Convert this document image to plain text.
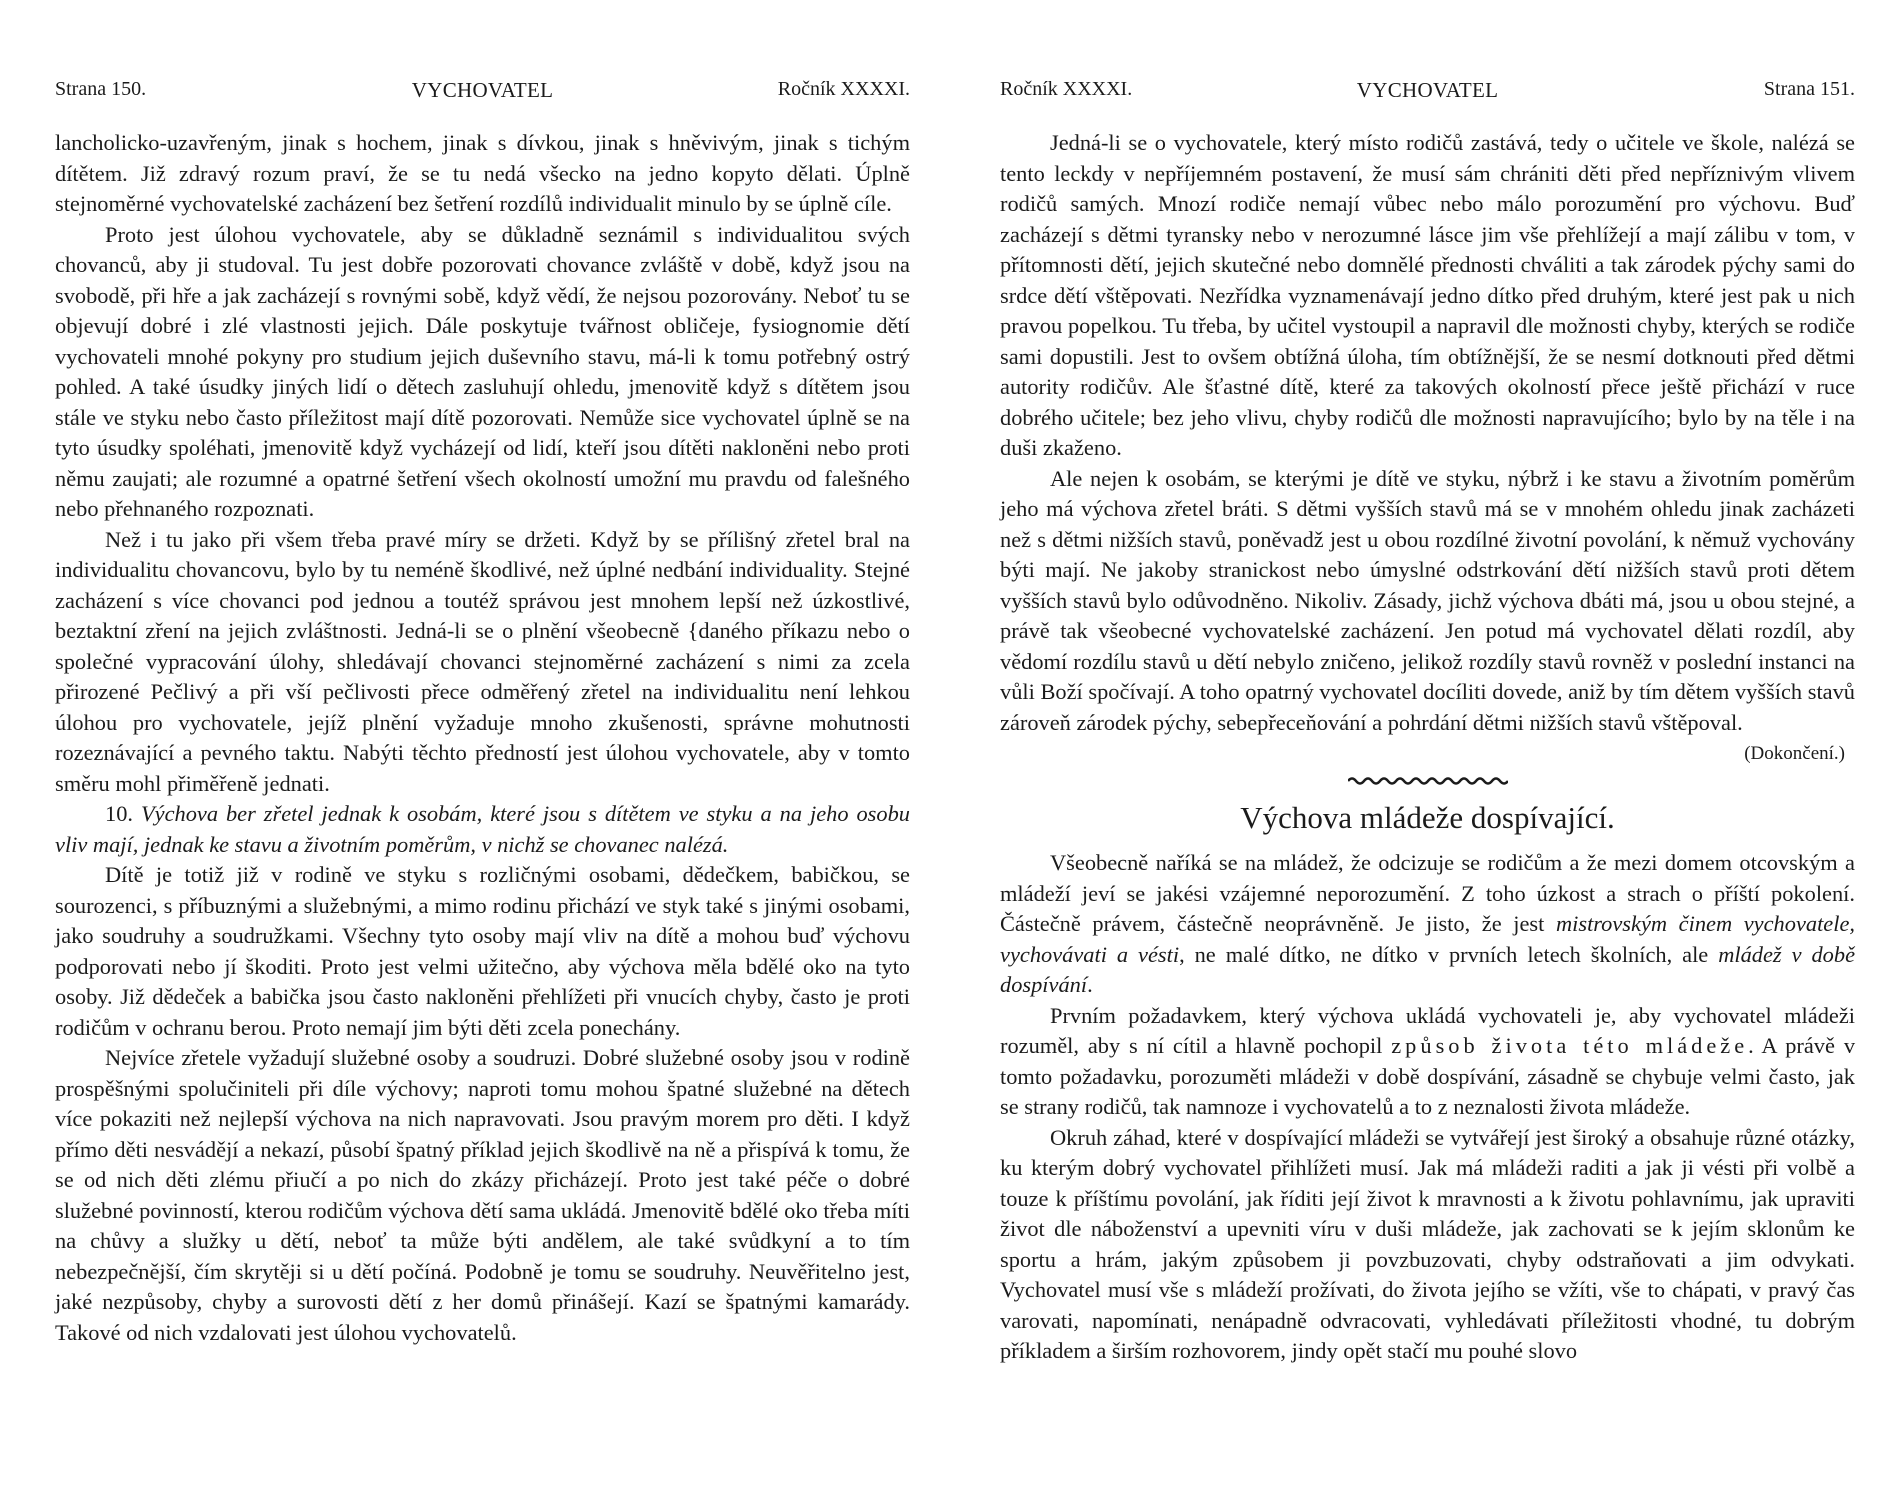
Strana 150.	VYCHOVATEL	Ročník XXXXI.

lancholicko-uzavřeným, jinak s hochem, jinak s dívkou, jinak s hněvivým, jinak s tichým dítětem. Již zdravý rozum praví, že se tu nedá všecko na jedno kopyto dělati. Úplně stejnoměrné vychovatelské zacházení bez šetření rozdílů individualit minulo by se úplně cíle.

Proto jest úlohou vychovatele, aby se důkladně seznámil s individualitou svých chovanců, aby ji studoval. Tu jest dobře pozorovati chovance zvláště v době, když jsou na svobodě, při hře a jak zacházejí s rovnými sobě, když vědí, že nejsou pozorovány. Neboť tu se objevují dobré i zlé vlastnosti jejich. Dále poskytuje tvářnost obličeje, fysiognomie dětí vychovateli mnohé pokyny pro studium jejich duševního stavu, má-li k tomu potřebný ostrý pohled. A také úsudky jiných lidí o dětech zasluhují ohledu, jmenovitě když s dítětem jsou stále ve styku nebo často příležitost mají dítě pozorovati. Nemůže sice vychovatel úplně se na tyto úsudky spoléhati, jmenovitě když vycházejí od lidí, kteří jsou dítěti nakloněni nebo proti němu zaujati; ale rozumné a opatrné šetření všech okolností umožní mu pravdu od falešného nebo přehnaného rozpoznati.

Než i tu jako při všem třeba pravé míry se držeti. Když by se přílišný zřetel bral na individualitu chovancovu, bylo by tu neméně škodlivé, než úplné nedbání individuality. Stejné zacházení s více chovanci pod jednou a toutéž správou jest mnohem lepší než úzkostlivé, beztaktní zření na jejich zvláštnosti. Jedná-li se o plnění všeobecně {daného příkazu nebo o společné vypracování úlohy, shledávají chovanci stejnoměrné zacházení s nimi za zcela přirozené Pečlivý a při vší pečlivosti přece odměřený zřetel na individualitu není lehkou úlohou pro vychovatele, jejíž plnění vyžaduje mnoho zkušenosti, správne mohutnosti rozeznávající a pevného taktu. Nabýti těchto předností jest úlohou vychovatele, aby v tomto směru mohl přiměřeně jednati.

10. Výchova ber zřetel jednak k osobám, které jsou s dítětem ve styku a na jeho osobu vliv mají, jednak ke stavu a životním poměrům, v nichž se chovanec nalézá.

Dítě je totiž již v rodině ve styku s rozličnými osobami, dědečkem, babičkou, se sourozenci, s příbuznými a služebnými, a mimo rodinu přichází ve styk také s jinými osobami, jako soudruhy a soudružkami. Všechny tyto osoby mají vliv na dítě a mohou buď výchovu podporovati nebo jí škoditi. Proto jest velmi užitečno, aby výchova měla bdělé oko na tyto osoby. Již dědeček a babička jsou často nakloněni přehlížeti při vnucích chyby, často je proti rodičům v ochranu berou. Proto nemají jim býti děti zcela ponechány.

Nejvíce zřetele vyžadují služebné osoby a soudruzi. Dobré služebné osoby jsou v rodině prospěšnými spolučiniteli při díle výchovy; naproti tomu mohou špatné služebné na dětech více pokaziti než nejlepší výchova na nich napravovati. Jsou pravým morem pro děti. I když přímo děti nesvádějí a nekazí, působí špatný příklad jejich škodlivě na ně a přispívá k tomu, že se od nich děti zlému přiučí a po nich do zkázy přicházejí. Proto jest také péče o dobré služebné povinností, kterou rodičům výchova dětí sama ukládá. Jmenovitě bdělé oko třeba míti na chůvy a služky u dětí, neboť ta může býti andělem, ale také svůdkyní a to tím nebezpečnější, čím skrytěji si u dětí počíná. Podobně je tomu se soudruhy. Neuvěřitelno jest, jaké nezpůsoby, chyby a surovosti dětí z her domů přinášejí. Kazí se špatnými kamarády. Takové od nich vzdalovati jest úlohou vychovatelů.

Ročník XXXXI.	VYCHOVATEL	Strana 151.

Jedná-li se o vychovatele, který místo rodičů zastává, tedy o učitele ve škole, nalézá se tento leckdy v nepříjemném postavení, že musí sám chrániti děti před nepříznivým vlivem rodičů samých. Mnozí rodiče nemají vůbec nebo málo porozumění pro výchovu. Buď zacházejí s dětmi tyransky nebo v nerozumné lásce jim vše přehlížejí a mají zálibu v tom, v přítomnosti dětí, jejich skutečné nebo domnělé přednosti chváliti a tak zárodek pýchy sami do srdce dětí vštěpovati. Nezřídka vyznamenávají jedno dítko před druhým, které jest pak u nich pravou popelkou. Tu třeba, by učitel vystoupil a napravil dle možnosti chyby, kterých se rodiče sami dopustili. Jest to ovšem obtížná úloha, tím obtížnější, že se nesmí dotknouti před dětmi autority rodičův. Ale šťastné dítě, které za takových okolností přece ještě přichází v ruce dobrého učitele; bez jeho vlivu, chyby rodičů dle možnosti napravujícího; bylo by na těle i na duši zkaženo.

Ale nejen k osobám, se kterými je dítě ve styku, nýbrž i ke stavu a životním poměrům jeho má výchova zřetel bráti. S dětmi vyšších stavů má se v mnohém ohledu jinak zacházeti než s dětmi nižších stavů, poněvadž jest u obou rozdílné životní povolání, k němuž vychovány býti mají. Ne jakoby stranickost nebo úmyslné odstrkování dětí nižších stavů proti dětem vyšších stavů bylo odůvodněno. Nikoliv. Zásady, jichž výchova dbáti má, jsou u obou stejné, a právě tak všeobecné vychovatelské zacházení. Jen potud má vychovatel dělati rozdíl, aby vědomí rozdílu stavů u dětí nebylo zničeno, jelikož rozdíly stavů rovněž v poslední instanci na vůli Boží spočívají. A toho opatrný vychovatel docíliti dovede, aniž by tím dětem vyšších stavů zároveň zárodek pýchy, sebepřeceňování a pohrdání dětmi nižších stavů vštěpoval.

(Dokončení.)
Výchova mládeže dospívající.

Všeobecně naříká se na mládež, že odcizuje se rodičům a že mezi domem otcovským a mládeží jeví se jakési vzájemné neporozumění. Z toho úzkost a strach o příští pokolení. Částečně právem, částečně neoprávněně. Je jisto, že jest mistrovským činem vychovatele, vychovávati a vésti, ne malé dítko, ne dítko v prvních letech školních, ale mládež v době dospívání.

Prvním požadavkem, který výchova ukládá vychovateli je, aby vychovatel mládeži rozuměl, aby s ní cítil a hlavně pochopil způsob života této mládeže. A právě v tomto požadavku, porozuměti mládeži v době dospívání, zásadně se chybuje velmi často, jak se strany rodičů, tak namnoze i vychovatelů a to z neznalosti života mládeže.

Okruh záhad, které v dospívající mládeži se vytvářejí jest široký a obsahuje různé otázky, ku kterým dobrý vychovatel přihlížeti musí. Jak má mládeži raditi a jak ji vésti při volbě a touze k příštímu povolání, jak říditi její život k mravnosti a k životu pohlavnímu, jak upraviti život dle náboženství a upevniti víru v duši mládeže, jak zachovati se k jejím sklonům ke sportu a hrám, jakým způsobem ji povzbuzovati, chyby odstraňovati a jim odvykati. Vychovatel musí vše s mládeží prožívati, do života jejího se vžíti, vše to chápati, v pravý čas varovati, napomínati, nenápadně odvracovati, vyhledávati příležitosti vhodné, tu dobrým příkladem a širším rozhovorem, jindy opět stačí mu pouhé slovo
